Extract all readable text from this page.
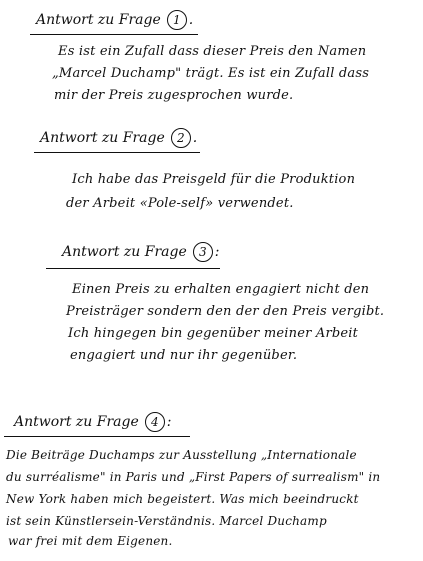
Antwort zu Frage	1 .
Es ist ein Zufall dass dieser Preis den Namen
„Marcel Duchamp" trägt. Es ist ein Zufall dass
mir der Preis zugesprochen wurde.
Antwort zu Frage	2 .
Ich habe das Preisgeld für die Produktion
der Arbeit «Pole-self» verwendet.
Antwort zu Frage	3 :
Einen Preis zu erhalten engagiert nicht den
Preisträger sondern den der den Preis vergibt.
Ich hingegen bin gegenüber meiner Arbeit
engagiert und nur ihr gegenüber.
Antwort zu Frage	4 :
Die Beiträge Duchamps zur Ausstellung „Internationale
du surréalisme" in Paris und „First Papers of surrealism" in
New York haben mich begeistert. Was mich beeindruckt
ist sein Künstlersein-Verständnis. Marcel Duchamp
war frei mit dem Eigenen.
